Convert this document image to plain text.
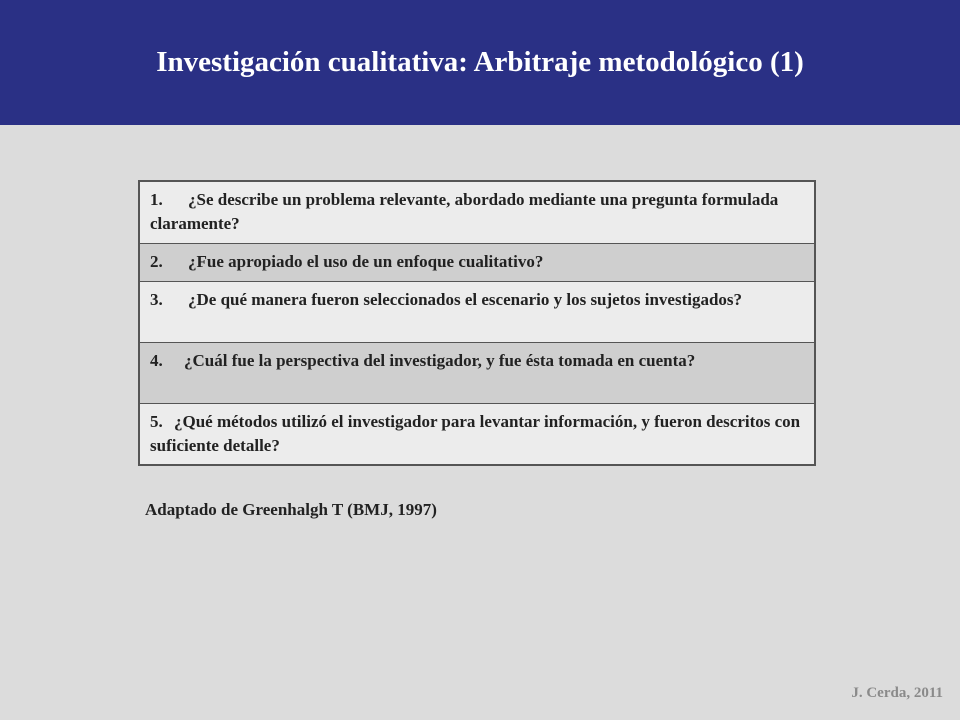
Investigación cualitativa: Arbitraje metodológico (1)
1. ¿Se describe un problema relevante, abordado mediante una pregunta formulada claramente?
2. ¿Fue apropiado el uso de un enfoque cualitativo?
3. ¿De qué manera fueron seleccionados el escenario y los sujetos investigados?
4. ¿Cuál fue la perspectiva del investigador, y fue ésta tomada en cuenta?
5. ¿Qué métodos utilizó el investigador para levantar información, y fueron descritos con suficiente detalle?
Adaptado de Greenhalgh T (BMJ, 1997)
J. Cerda, 2011
